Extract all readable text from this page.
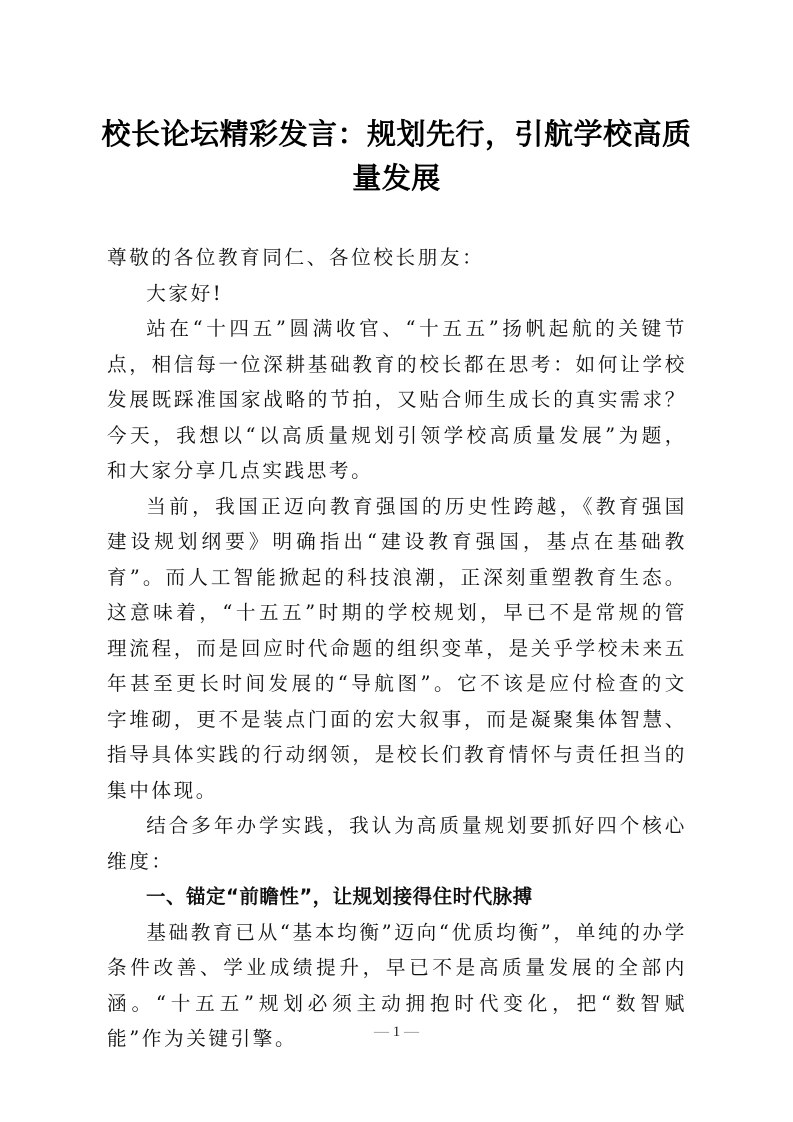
校长论坛精彩发言：规划先行，引航学校高质量发展

尊敬的各位教育同仁、各位校长朋友：

大家好!

站在“十四五”圆满收官、“十五五”扬帆起航的关键节点，相信每一位深耕基础教育的校长都在思考：如何让学校发展既踩准国家战略的节拍，又贴合师生成长的真实需求？今天，我想以“以高质量规划引领学校高质量发展”为题，和大家分享几点实践思考。

当前，我国正迈向教育强国的历史性跨越，《教育强国建设规划纲要》明确指出“建设教育强国，基点在基础教育”。而人工智能掀起的科技浪潮，正深刻重塑教育生态。这意味着，“十五五”时期的学校规划，早已不是常规的管理流程，而是回应时代命题的组织变革，是关乎学校未来五年甚至更长时间发展的“导航图”。它不该是应付检查的文字堆砌，更不是装点门面的宏大叙事，而是凝聚集体智慧、指导具体实践的行动纲领，是校长们教育情怀与责任担当的集中体现。

结合多年办学实践，我认为高质量规划要抓好四个核心维度：

一、锚定“前瞻性”，让规划接得住时代脉搏

基础教育已从“基本均衡”迈向“优质均衡”，单纯的办学条件改善、学业成绩提升，早已不是高质量发展的全部内涵。“十五五”规划必须主动拥抱时代变化，把“数智赋能”作为关键引擎。	— 1 —
